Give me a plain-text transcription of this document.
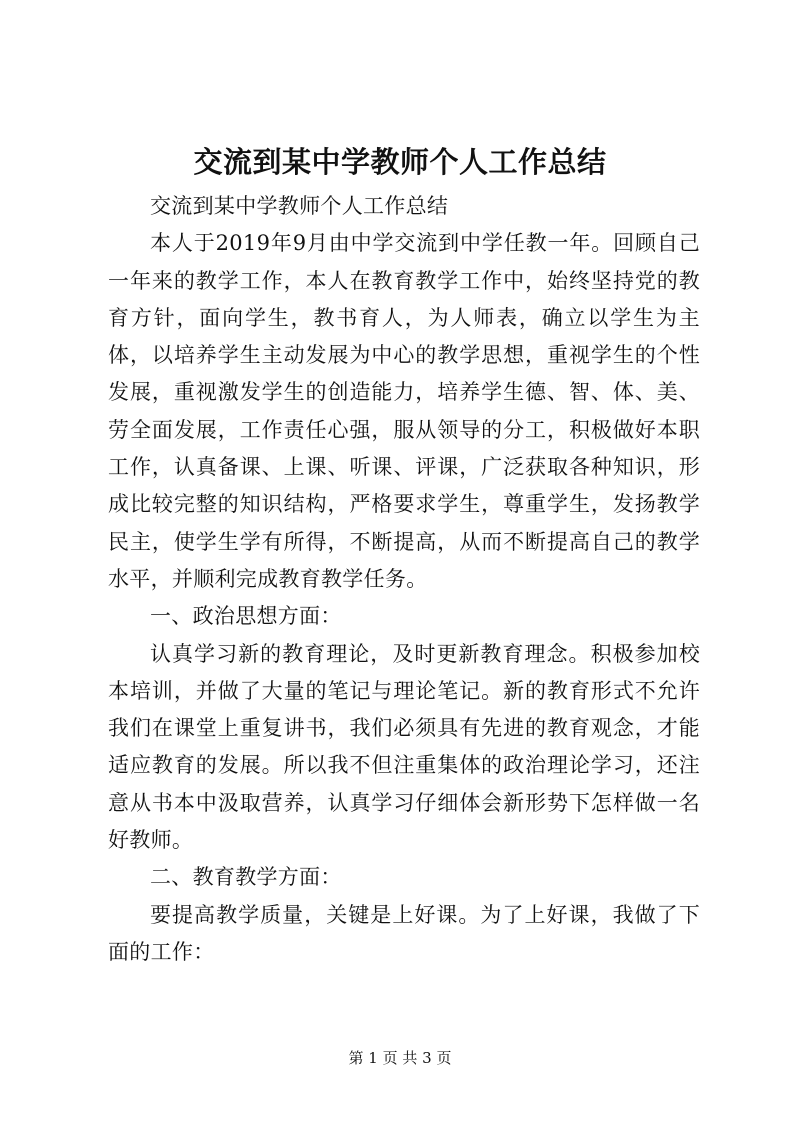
交流到某中学教师个人工作总结

交流到某中学教师个人工作总结

本人于2019年9月由中学交流到中学任教一年。回顾自己一年来的教学工作，本人在教育教学工作中，始终坚持党的教育方针，面向学生，教书育人，为人师表，确立以学生为主体，以培养学生主动发展为中心的教学思想，重视学生的个性发展，重视激发学生的创造能力，培养学生德、智、体、美、劳全面发展，工作责任心强，服从领导的分工，积极做好本职工作，认真备课、上课、听课、评课，广泛获取各种知识，形成比较完整的知识结构，严格要求学生，尊重学生，发扬教学民主，使学生学有所得，不断提高，从而不断提高自己的教学水平，并顺利完成教育教学任务。

一、政治思想方面：

认真学习新的教育理论，及时更新教育理念。积极参加校本培训，并做了大量的笔记与理论笔记。新的教育形式不允许我们在课堂上重复讲书，我们必须具有先进的教育观念，才能适应教育的发展。所以我不但注重集体的政治理论学习，还注意从书本中汲取营养，认真学习仔细体会新形势下怎样做一名好教师。

二、教育教学方面：

要提高教学质量，关键是上好课。为了上好课，我做了下面的工作：

第 1 页 共 3 页
